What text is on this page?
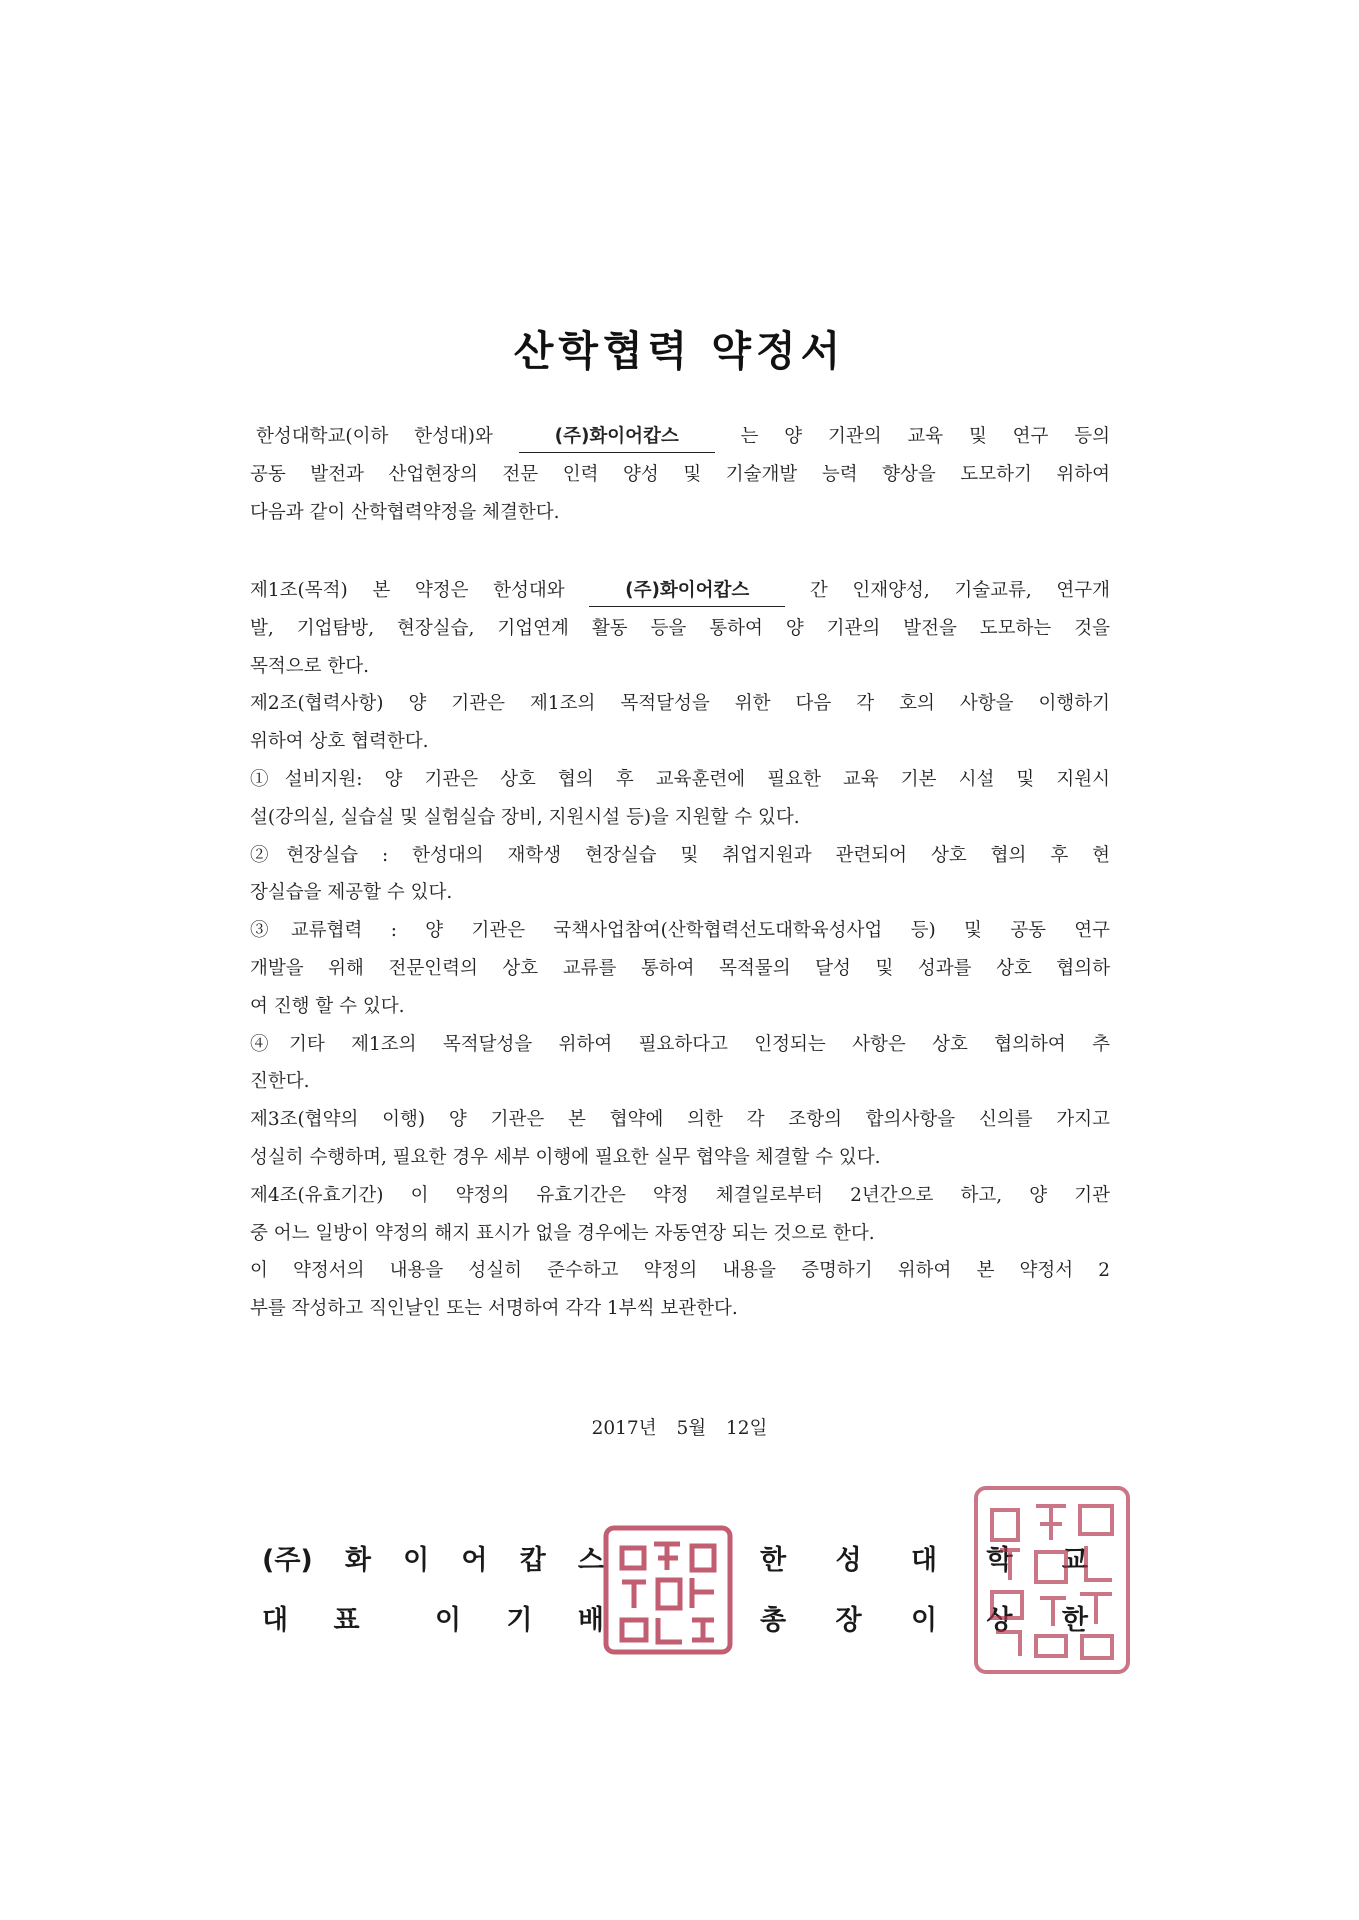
산학협력 약정서
한성대학교(이하 한성대)와 (주)화이어캅스 는 양 기관의 교육 및 연구 등의
공동 발전과 산업현장의 전문 인력 양성 및 기술개발 능력 향상을 도모하기 위하여
다음과 같이 산학협력약정을 체결한다.
제1조(목적) 본 약정은 한성대와 (주)화이어캅스 간 인재양성, 기술교류, 연구개
발, 기업탐방, 현장실습, 기업연계 활동 등을 통하여 양 기관의 발전을 도모하는 것을
목적으로 한다.
제2조(협력사항) 양 기관은 제1조의 목적달성을 위한 다음 각 호의 사항을 이행하기
위하여 상호 협력한다.
①설비지원: 양 기관은 상호 협의 후 교육훈련에 필요한 교육 기본 시설 및 지원시
설(강의실, 실습실 및 실험실습 장비, 지원시설 등)을 지원할 수 있다.
②현장실습 : 한성대의 재학생 현장실습 및 취업지원과 관련되어 상호 협의 후 현
장실습을 제공할 수 있다.
③교류협력 : 양 기관은 국책사업참여(산학협력선도대학육성사업 등) 및 공동 연구
개발을 위해 전문인력의 상호 교류를 통하여 목적물의 달성 및 성과를 상호 협의하
여 진행 할 수 있다.
④기타 제1조의 목적달성을 위하여 필요하다고 인정되는 사항은 상호 협의하여 추
진한다.
제3조(협약의 이행) 양 기관은 본 협약에 의한 각 조항의 합의사항을 신의를 가지고
성실히 수행하며, 필요한 경우 세부 이행에 필요한 실무 협약을 체결할 수 있다.
제4조(유효기간) 이 약정의 유효기간은 약정 체결일로부터 2년간으로 하고, 양 기관
중 어느 일방이 약정의 해지 표시가 없을 경우에는 자동연장 되는 것으로 한다.
이 약정서의 내용을 성실히 준수하고 약정의 내용을 증명하기 위하여 본 약정서 2
부를 작성하고 직인날인 또는 서명하여 각각 1부씩 보관한다.
2017년 5월 12일
(주) 화 이 어 캅 스
대 표	이 기 배
한 성 대 학 교
총 장 이 상 한
